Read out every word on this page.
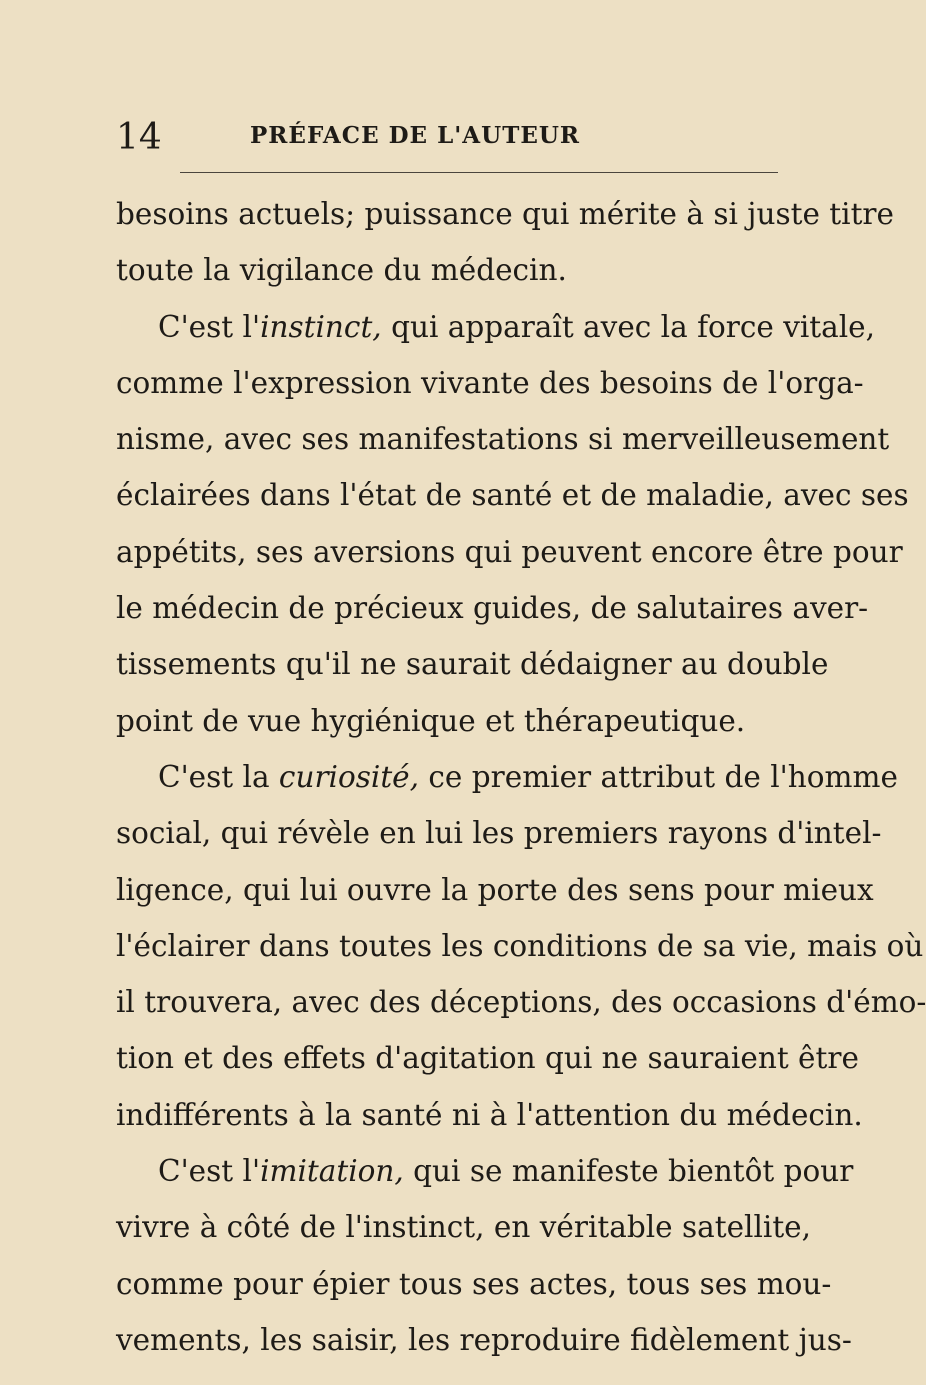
14	PRÉFACE DE L'AUTEUR
besoins actuels; puissance qui mérite à si juste titre
toute la vigilance du médecin.
C'est l'instinct, qui apparaît avec la force vitale,
comme l'expression vivante des besoins de l'orga-
nisme, avec ses manifestations si merveilleusement
éclairées dans l'état de santé et de maladie, avec ses
appétits, ses aversions qui peuvent encore être pour
le médecin de précieux guides, de salutaires aver-
tissements qu'il ne saurait dédaigner au double
point de vue hygiénique et thérapeutique.
C'est la curiosité, ce premier attribut de l'homme
social, qui révèle en lui les premiers rayons d'intel-
ligence, qui lui ouvre la porte des sens pour mieux
l'éclairer dans toutes les conditions de sa vie, mais où
il trouvera, avec des déceptions, des occasions d'émo-
tion et des effets d'agitation qui ne sauraient être
indifférents à la santé ni à l'attention du médecin.
C'est l'imitation, qui se manifeste bientôt pour
vivre à côté de l'instinct, en véritable satellite,
comme pour épier tous ses actes, tous ses mou-
vements, les saisir, les reproduire fidèlement jus-
